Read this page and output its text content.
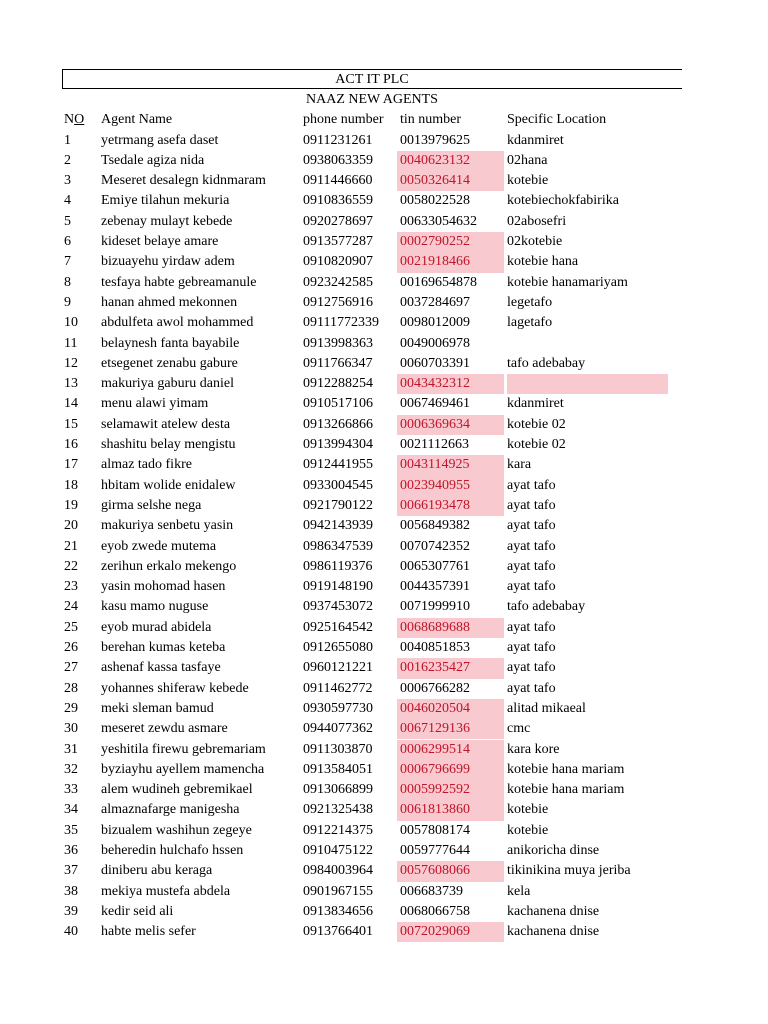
ACT IT PLC
NAAZ NEW AGENTS
NO	Agent Name	phone number	tin number	Specific Location
1	yetrmang asefa daset	0911231261	0013979625	kdanmiret
2	Tsedale agiza nida	0938063359	0040623132	02hana
3	Meseret desalegn kidnmaram	0911446660	0050326414	kotebie
4	Emiye tilahun mekuria	0910836559	0058022528	kotebiechokfabirika
5	zebenay mulayt kebede	0920278697	00633054632	02abosefri
6	kideset belaye amare	0913577287	0002790252	02kotebie
7	bizuayehu yirdaw adem	0910820907	0021918466	kotebie hana
8	tesfaya habte gebreamanule	0923242585	00169654878	kotebie hanamariyam
9	hanan ahmed mekonnen	0912756916	0037284697	legetafo
10	abdulfeta awol mohammed	09111772339	0098012009	lagetafo
11	belaynesh fanta bayabile	0913998363	0049006978
12	etsegenet zenabu gabure	0911766347	0060703391	tafo adebabay
13	makuriya gaburu daniel	0912288254	0043432312
14	menu alawi yimam	0910517106	0067469461	kdanmiret
15	selamawit atelew desta	0913266866	0006369634	kotebie 02
16	shashitu belay mengistu	0913994304	0021112663	kotebie 02
17	almaz tado fikre	0912441955	0043114925	kara
18	hbitam wolide enidalew	0933004545	0023940955	ayat tafo
19	girma selshe nega	0921790122	0066193478	ayat tafo
20	makuriya senbetu yasin	0942143939	0056849382	ayat tafo
21	eyob zwede mutema	0986347539	0070742352	ayat tafo
22	zerihun erkalo mekengo	0986119376	0065307761	ayat tafo
23	yasin mohomad hasen	0919148190	0044357391	ayat tafo
24	kasu mamo nuguse	0937453072	0071999910	tafo adebabay
25	eyob murad abidela	0925164542	0068689688	ayat tafo
26	berehan kumas keteba	0912655080	0040851853	ayat tafo
27	ashenaf kassa tasfaye	0960121221	0016235427	ayat tafo
28	yohannes shiferaw kebede	0911462772	0006766282	ayat tafo
29	meki sleman bamud	0930597730	0046020504	alitad mikaeal
30	meseret zewdu asmare	0944077362	0067129136	cmc
31	yeshitila firewu gebremariam	0911303870	0006299514	kara kore
32	byziayhu ayellem mamencha	0913584051	0006796699	kotebie hana mariam
33	alem wudineh gebremikael	0913066899	0005992592	kotebie hana mariam
34	almaznafarge manigesha	0921325438	0061813860	kotebie
35	bizualem washihun zegeye	0912214375	0057808174	kotebie
36	beheredin hulchafo hssen	0910475122	0059777644	anikoricha dinse
37	diniberu abu keraga	0984003964	0057608066	tikinikina muya jeriba
38	mekiya mustefa abdela	0901967155	006683739	kela
39	kedir seid ali	0913834656	0068066758	kachanena dnise
40	habte melis sefer	0913766401	0072029069	kachanena dnise
